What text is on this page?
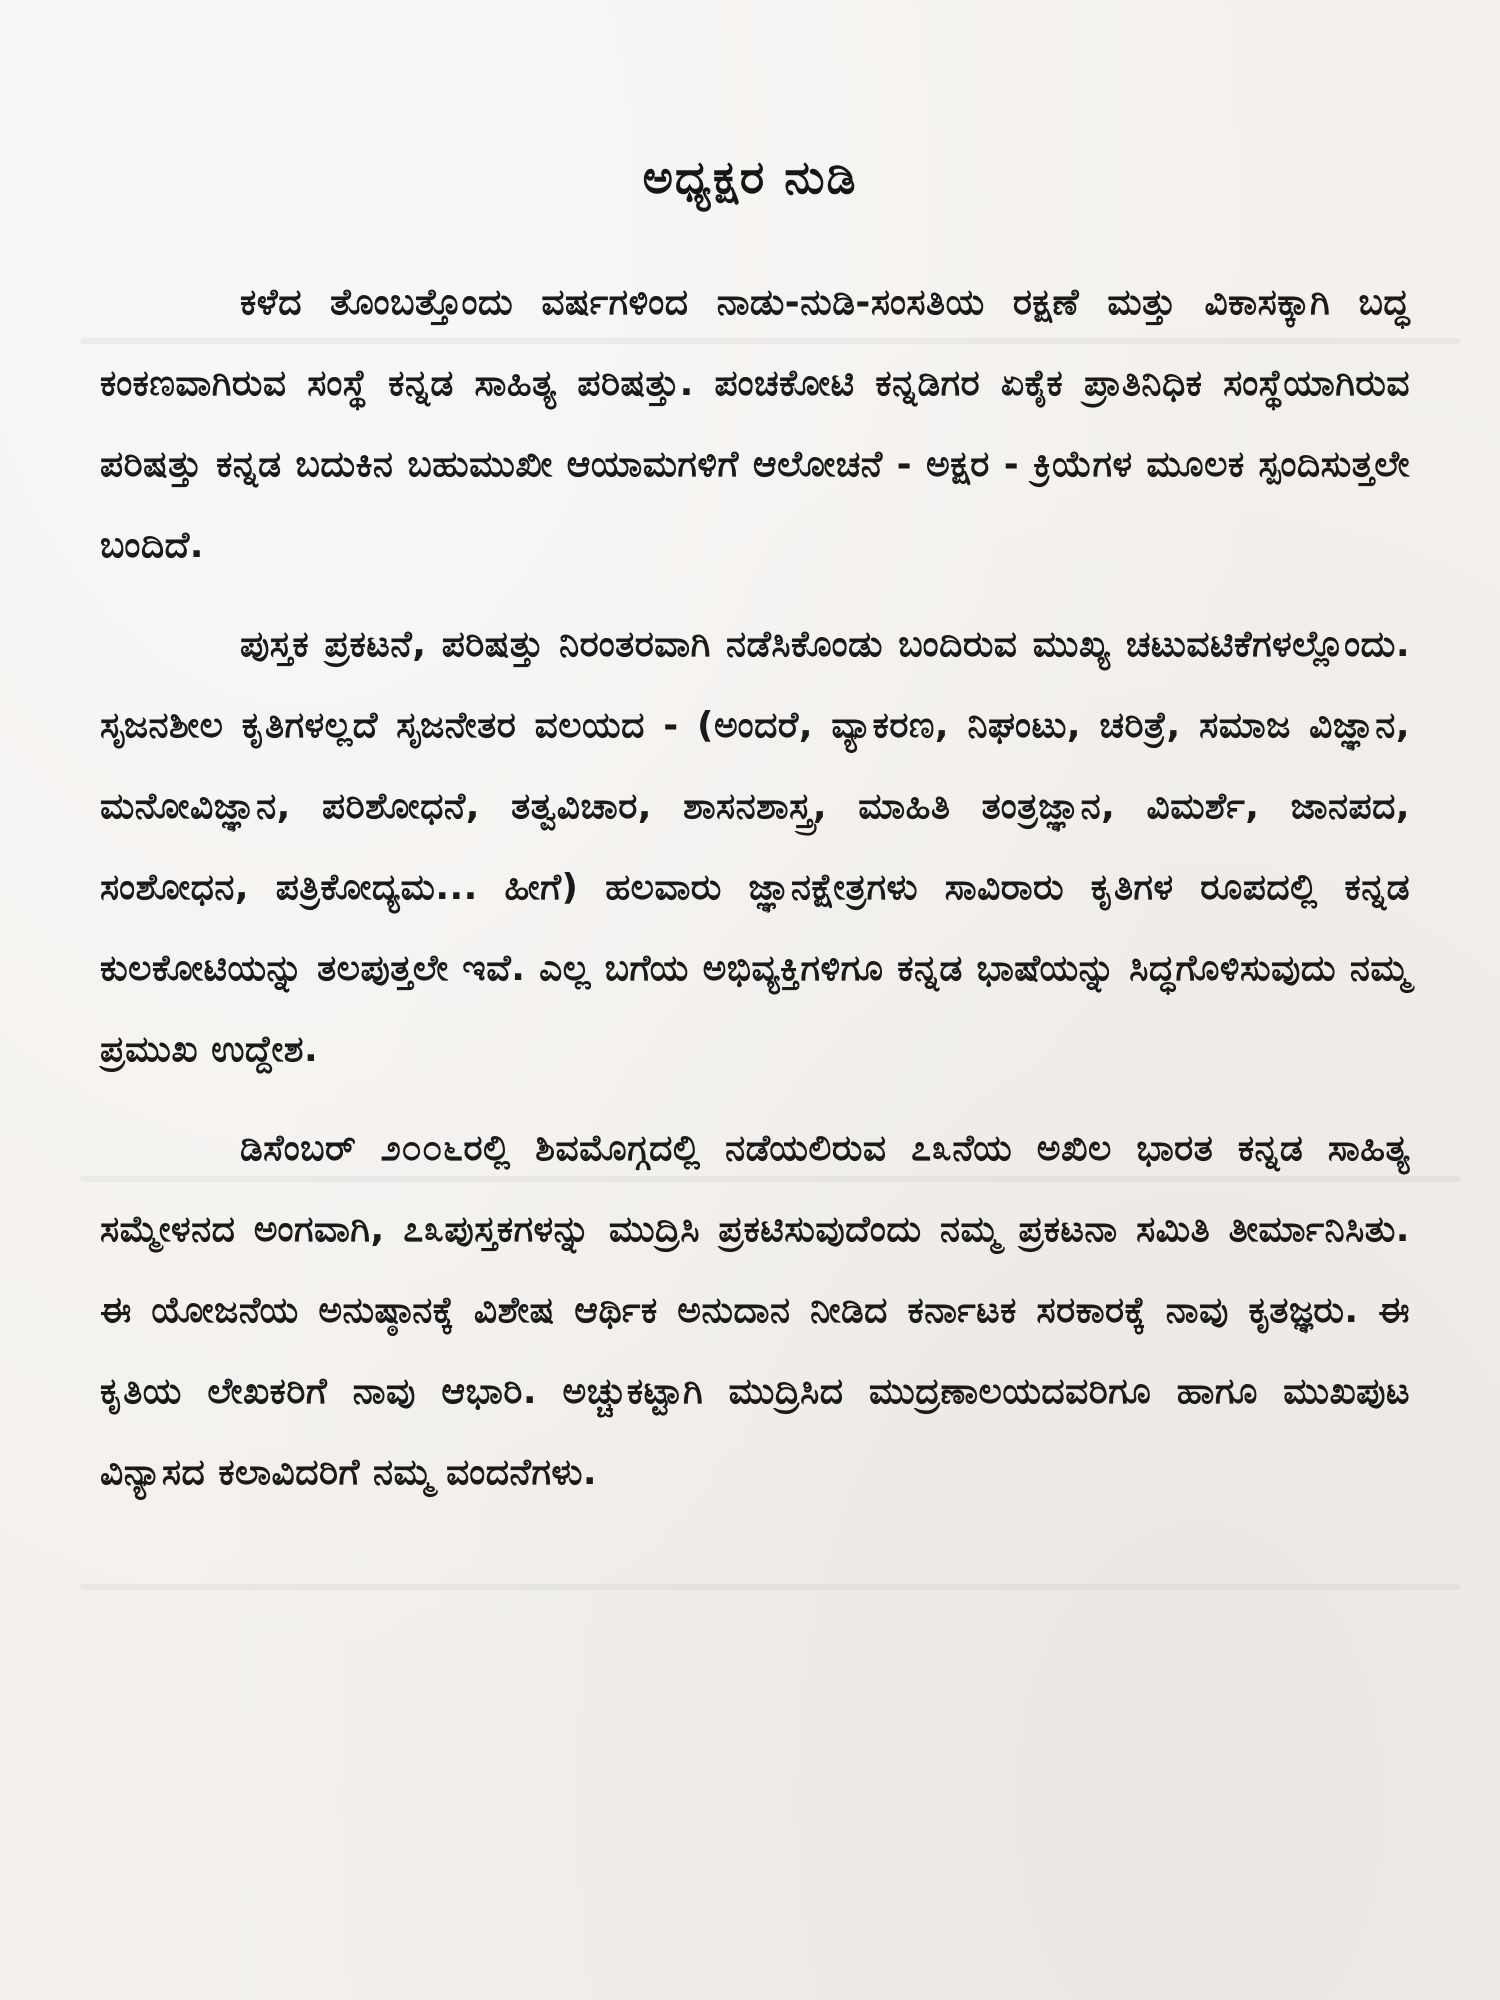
ಅಧ್ಯಕ್ಷರ ನುಡಿ

ಕಳೆದ ತೊಂಬತ್ತೊಂದು ವರ್ಷಗಳಿಂದ ನಾಡು-ನುಡಿ-ಸಂಸತಿಯ ರಕ್ಷಣೆ ಮತ್ತು ವಿಕಾಸಕ್ಕಾಗಿ ಬದ್ಧ ಕಂಕಣವಾಗಿರುವ ಸಂಸ್ಥೆ ಕನ್ನಡ ಸಾಹಿತ್ಯ ಪರಿಷತ್ತು. ಪಂಚಕೋಟಿ ಕನ್ನಡಿಗರ ಏಕೈಕ ಪ್ರಾತಿನಿಧಿಕ ಸಂಸ್ಥೆಯಾಗಿರುವ ಪರಿಷತ್ತು ಕನ್ನಡ ಬದುಕಿನ ಬಹುಮುಖೀ ಆಯಾಮಗಳಿಗೆ ಆಲೋಚನೆ - ಅಕ್ಷರ - ಕ್ರಿಯೆಗಳ ಮೂಲಕ ಸ್ಪಂದಿಸುತ್ತಲೇ ಬಂದಿದೆ.

ಪುಸ್ತಕ ಪ್ರಕಟನೆ, ಪರಿಷತ್ತು ನಿರಂತರವಾಗಿ ನಡೆಸಿಕೊಂಡು ಬಂದಿರುವ ಮುಖ್ಯ ಚಟುವಟಿಕೆಗಳಲ್ಲೊಂದು. ಸೃಜನಶೀಲ ಕೃತಿಗಳಲ್ಲದೆ ಸೃಜನೇತರ ವಲಯದ - (ಅಂದರೆ, ವ್ಯಾಕರಣ, ನಿಘಂಟು, ಚರಿತ್ರೆ, ಸಮಾಜ ವಿಜ್ಞಾನ, ಮನೋವಿಜ್ಞಾನ, ಪರಿಶೋಧನೆ, ತತ್ವವಿಚಾರ, ಶಾಸನಶಾಸ್ತ್ರ, ಮಾಹಿತಿ ತಂತ್ರಜ್ಞಾನ, ವಿಮರ್ಶೆ, ಜಾನಪದ, ಸಂಶೋಧನ, ಪತ್ರಿಕೋದ್ಯಮ... ಹೀಗೆ) ಹಲವಾರು ಜ್ಞಾನಕ್ಷೇತ್ರಗಳು ಸಾವಿರಾರು ಕೃತಿಗಳ ರೂಪದಲ್ಲಿ ಕನ್ನಡ ಕುಲಕೋಟಿಯನ್ನು ತಲಪುತ್ತಲೇ ಇವೆ. ಎಲ್ಲ ಬಗೆಯ ಅಭಿವ್ಯಕ್ತಿಗಳಿಗೂ ಕನ್ನಡ ಭಾಷೆಯನ್ನು ಸಿದ್ಧಗೊಳಿಸುವುದು ನಮ್ಮ ಪ್ರಮುಖ ಉದ್ದೇಶ.

ಡಿಸೆಂಬರ್ ೨೦೦೬ರಲ್ಲಿ ಶಿವಮೊಗ್ಗದಲ್ಲಿ ನಡೆಯಲಿರುವ ೭೩ನೆಯ ಅಖಿಲ ಭಾರತ ಕನ್ನಡ ಸಾಹಿತ್ಯ ಸಮ್ಮೇಳನದ ಅಂಗವಾಗಿ, ೭೩ಪುಸ್ತಕಗಳನ್ನು ಮುದ್ರಿಸಿ ಪ್ರಕಟಿಸುವುದೆಂದು ನಮ್ಮ ಪ್ರಕಟನಾ ಸಮಿತಿ ತೀರ್ಮಾನಿಸಿತು. ಈ ಯೋಜನೆಯ ಅನುಷ್ಠಾನಕ್ಕೆ ವಿಶೇಷ ಆರ್ಥಿಕ ಅನುದಾನ ನೀಡಿದ ಕರ್ನಾಟಕ ಸರಕಾರಕ್ಕೆ ನಾವು ಕೃತಜ್ಞರು. ಈ ಕೃತಿಯ ಲೇಖಕರಿಗೆ ನಾವು ಆಭಾರಿ. ಅಚ್ಚುಕಟ್ಟಾಗಿ ಮುದ್ರಿಸಿದ ಮುದ್ರಣಾಲಯದವರಿಗೂ ಹಾಗೂ ಮುಖಪುಟ ವಿನ್ಯಾಸದ ಕಲಾವಿದರಿಗೆ ನಮ್ಮ ವಂದನೆಗಳು.
